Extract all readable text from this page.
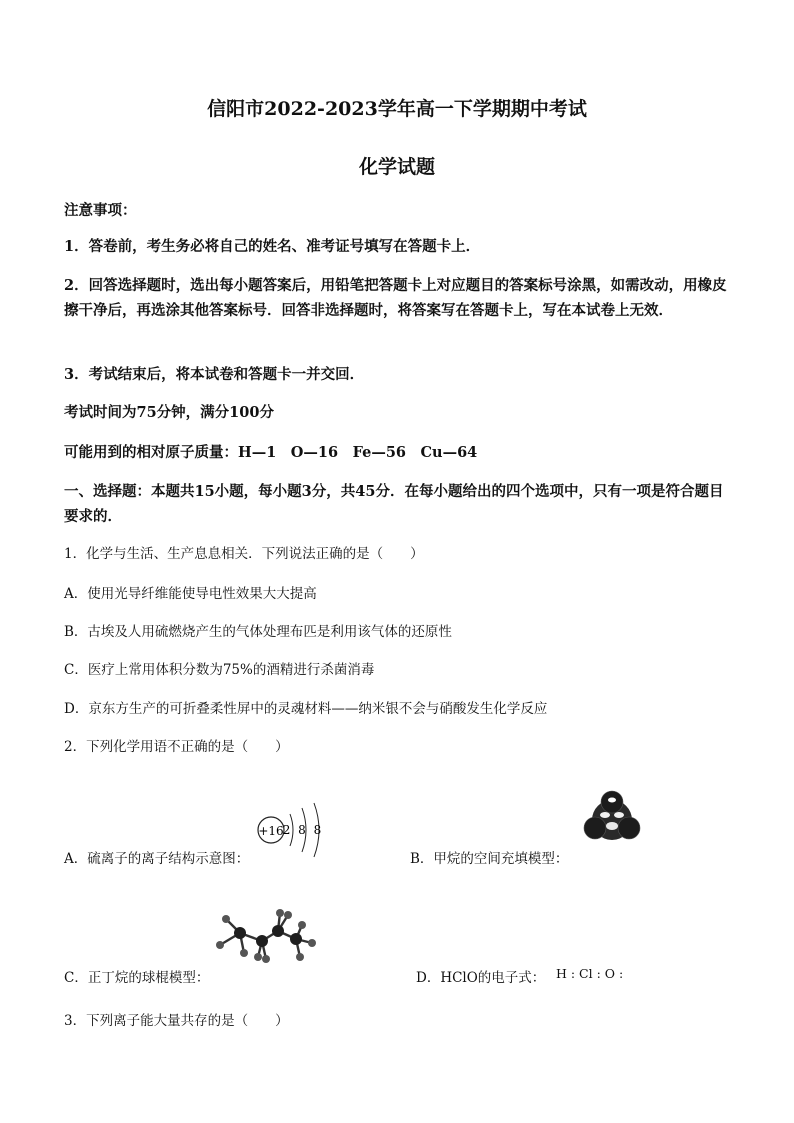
信阳市2022-2023学年高一下学期期中考试
化学试题
注意事项：
1．答卷前，考生务必将自己的姓名、准考证号填写在答题卡上．
2．回答选择题时，选出每小题答案后，用铅笔把答题卡上对应题目的答案标号涂黑，如需改动，用橡皮擦干净后，再选涂其他答案标号．回答非选择题时，将答案写在答题卡上，写在本试卷上无效．
3．考试结束后，将本试卷和答题卡一并交回．
考试时间为75分钟，满分100分
可能用到的相对原子质量：H—1　O—16　Fe—56　Cu—64
一、选择题：本题共15小题，每小题3分，共45分．在每小题给出的四个选项中，只有一项是符合题目要求的．
1．化学与生活、生产息息相关．下列说法正确的是（　　）
A．使用光导纤维能使导电性效果大大提高
B．古埃及人用硫燃烧产生的气体处理布匹是利用该气体的还原性
C．医疗上常用体积分数为75%的酒精进行杀菌消毒
D．京东方生产的可折叠柔性屏中的灵魂材料——纳米银不会与硝酸发生化学反应
2．下列化学用语不正确的是（　　）
A．硫离子的离子结构示意图：
+16 2 8 8
B．甲烷的空间充填模型：
C．正丁烷的球棍模型：	D．HClO的电子式： H : Cl : O :
3．下列离子能大量共存的是（　　）
